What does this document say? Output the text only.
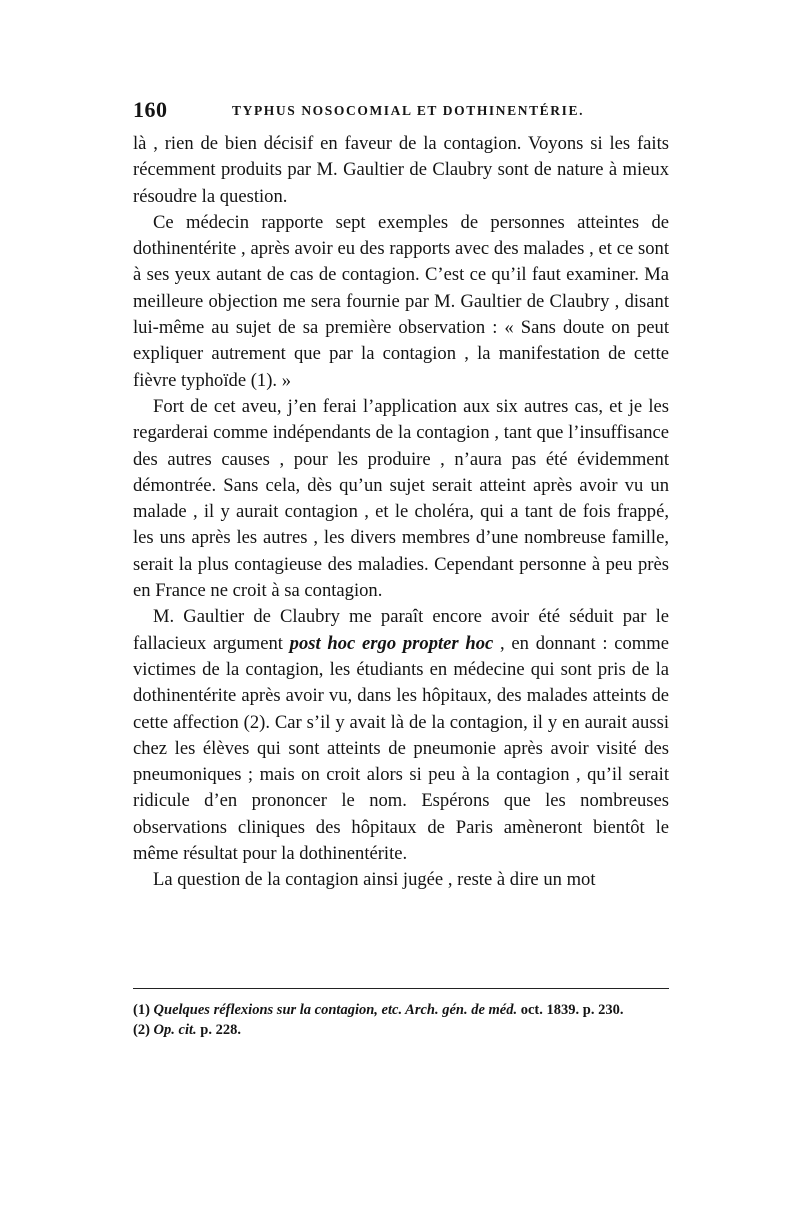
160	TYPHUS NOSOCOMIAL ET DOTHINENTÉRIE.

là , rien de bien décisif en faveur de la contagion. Voyons si les faits récemment produits par M. Gaultier de Claubry sont de nature à mieux résoudre la question.

Ce médecin rapporte sept exemples de personnes atteintes de dothinentérite , après avoir eu des rapports avec des malades , et ce sont à ses yeux autant de cas de contagion. C’est ce qu’il faut examiner. Ma meilleure objection me sera fournie par M. Gaultier de Claubry , disant lui-même au sujet de sa première observation : « Sans doute on peut expliquer autrement que par la contagion , la manifestation de cette fièvre typhoïde (1). »

Fort de cet aveu, j’en ferai l’application aux six autres cas, et je les regarderai comme indépendants de la contagion , tant que l’insuffisance des autres causes , pour les produire , n’aura pas été évidemment démontrée. Sans cela, dès qu’un sujet serait atteint après avoir vu un malade , il y aurait contagion , et le choléra, qui a tant de fois frappé, les uns après les autres , les divers membres d’une nombreuse famille, serait la plus contagieuse des maladies. Cependant personne à peu près en France ne croit à sa contagion.

M. Gaultier de Claubry me paraît encore avoir été séduit par le fallacieux argument post hoc ergo propter hoc , en donnant : comme victimes de la contagion, les étudiants en médecine qui sont pris de la dothinentérite après avoir vu, dans les hôpitaux, des malades atteints de cette affection (2). Car s’il y avait là de la contagion, il y en aurait aussi chez les élèves qui sont atteints de pneumonie après avoir visité des pneumoniques ; mais on croit alors si peu à la contagion , qu’il serait ridicule d’en prononcer le nom. Espérons que les nombreuses observations cliniques des hôpitaux de Paris amèneront bientôt le même résultat pour la dothinentérite.

La question de la contagion ainsi jugée , reste à dire un mot

(1) Quelques réflexions sur la contagion, etc. Arch. gén. de méd. oct. 1839. p. 230.

(2) Op. cit. p. 228.
